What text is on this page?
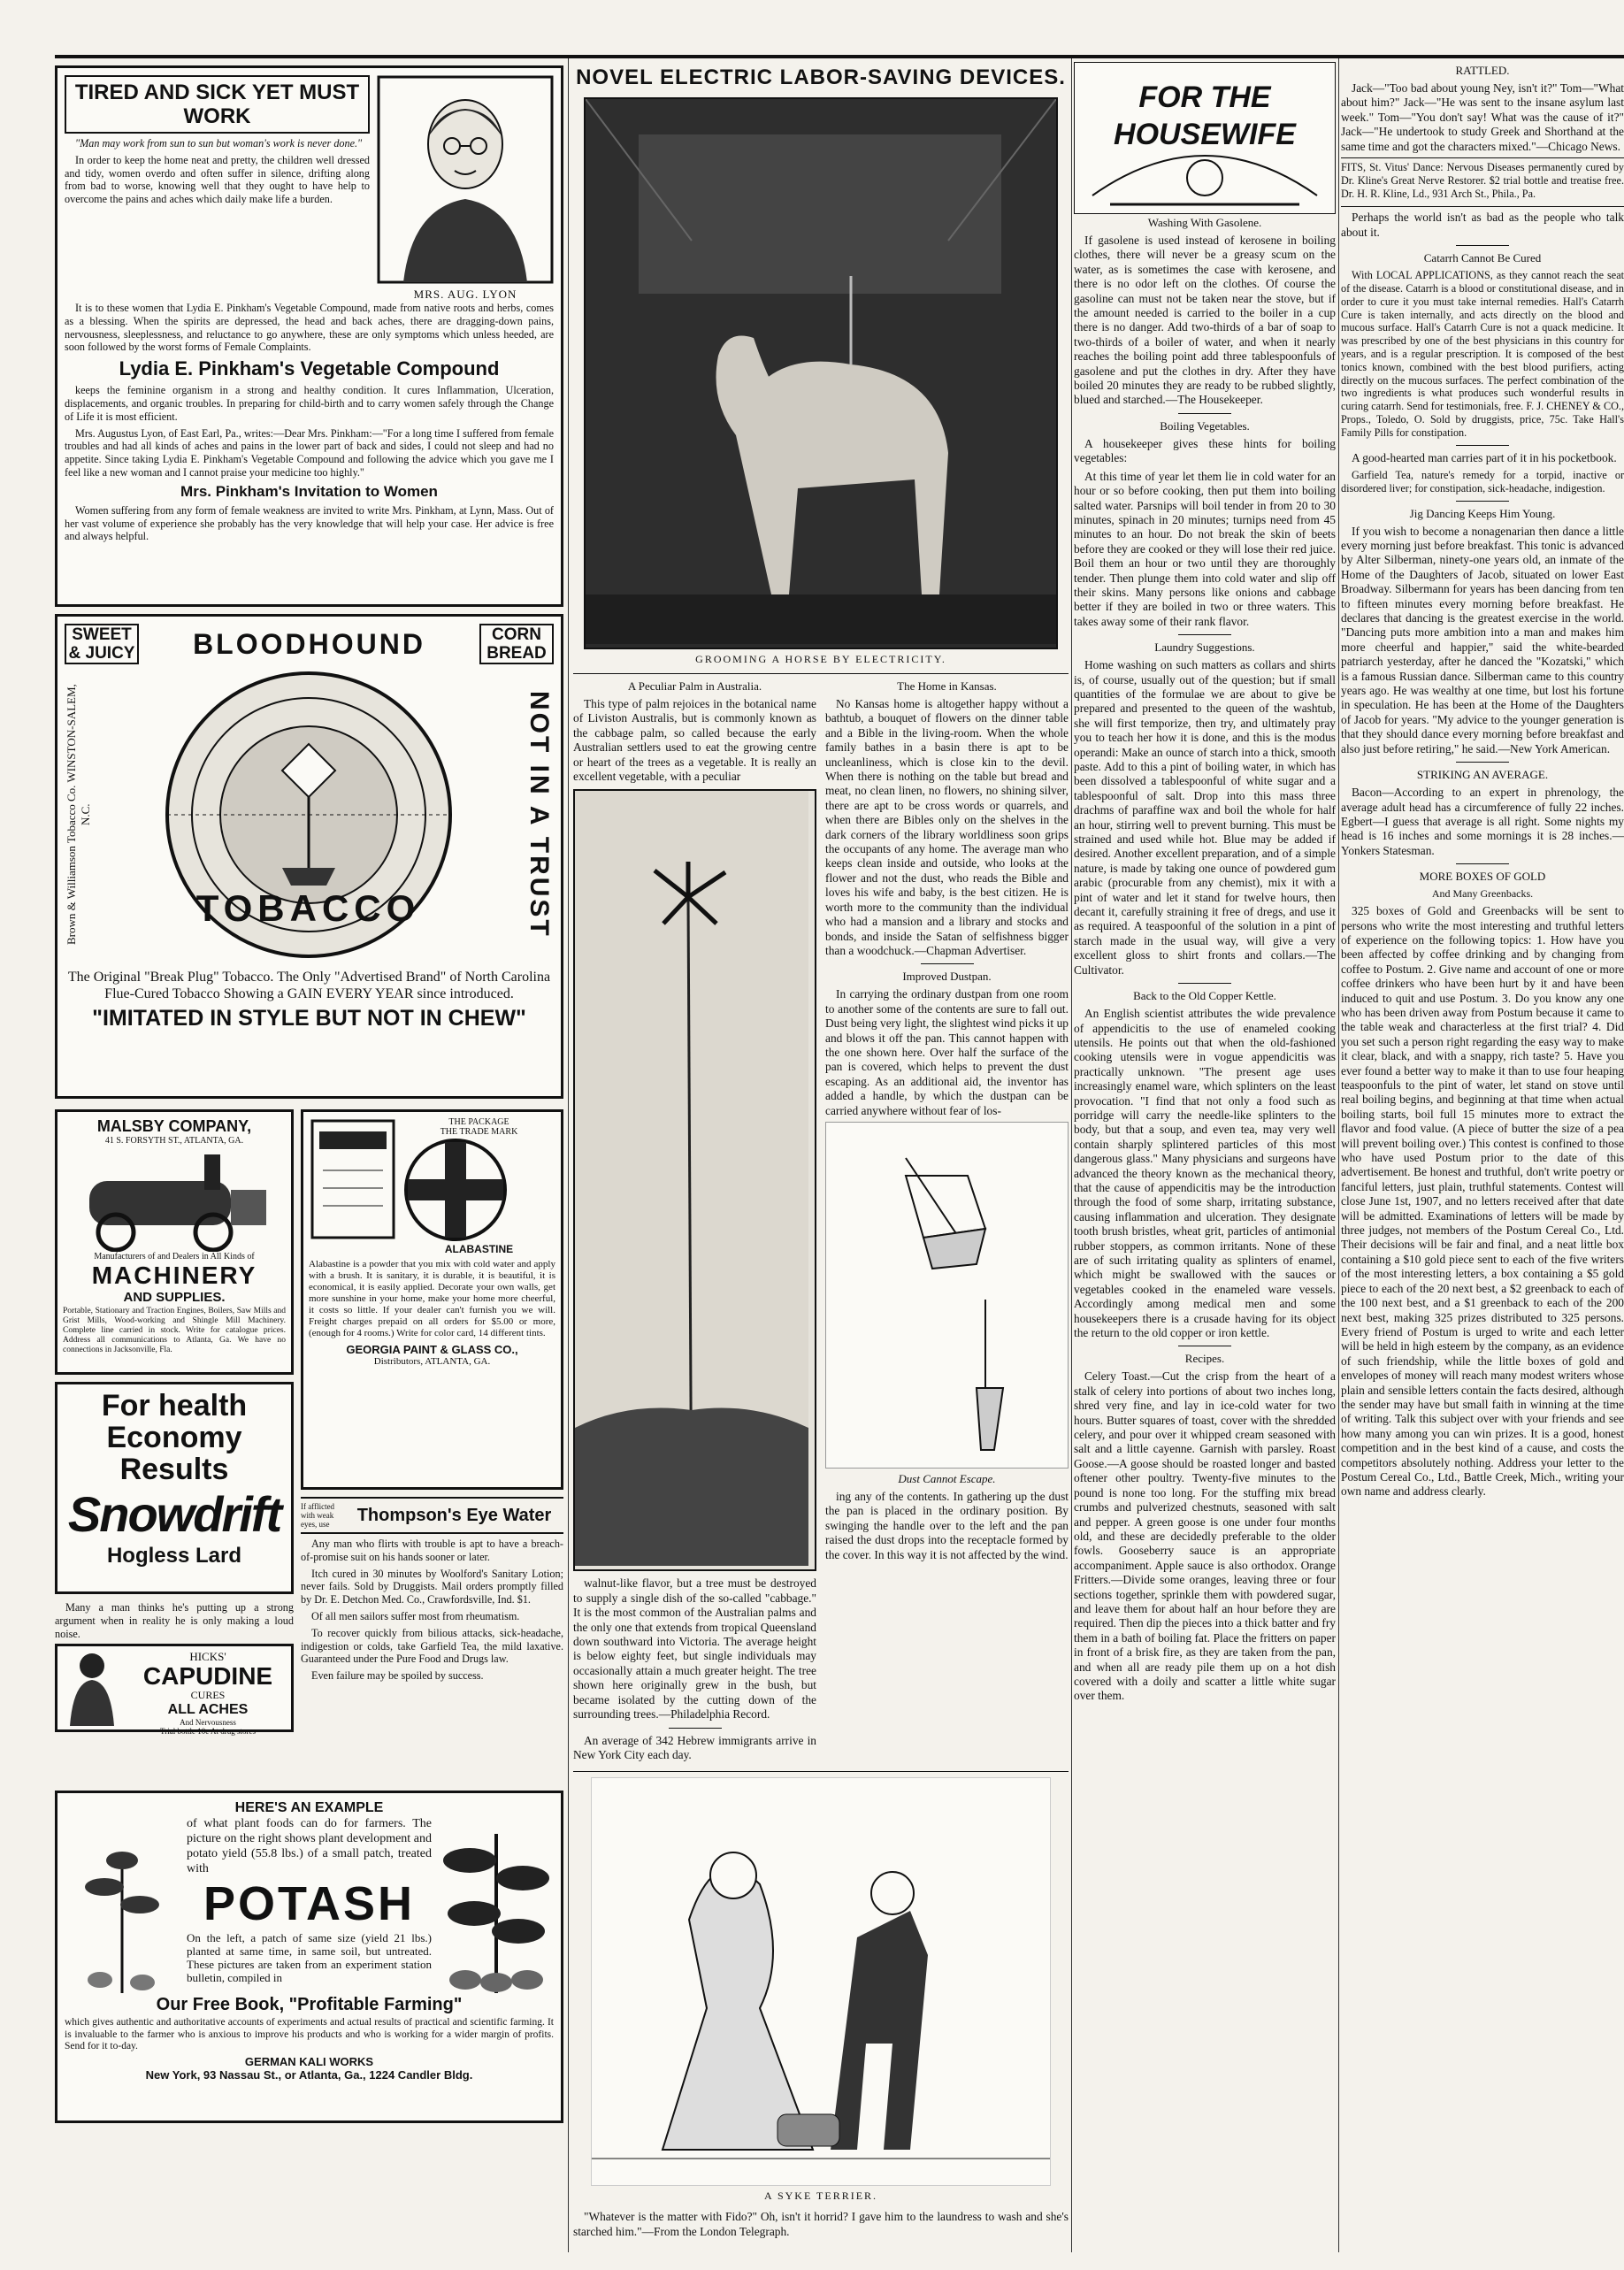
TIRED AND SICK YET MUST WORK

"Man may work from sun to sun but woman's work is never done."

In order to keep the home neat and pretty, the children well dressed and tidy, women overdo and often suffer in silence, drifting along from bad to worse, knowing well that they ought to have help to overcome the pains and aches which daily make life a burden.

MRS. AUG. LYON

It is to these women that Lydia E. Pinkham's Vegetable Compound, made from native roots and herbs, comes as a blessing. When the spirits are depressed, the head and back aches, there are dragging-down pains, nervousness, sleeplessness, and reluctance to go anywhere, these are only symptoms which unless heeded, are soon followed by the worst forms of Female Complaints.

Lydia E. Pinkham's Vegetable Compound

keeps the feminine organism in a strong and healthy condition. It cures Inflammation, Ulceration, displacements, and organic troubles. In preparing for child-birth and to carry women safely through the Change of Life it is most efficient.

Mrs. Augustus Lyon, of East Earl, Pa., writes:—Dear Mrs. Pinkham:—"For a long time I suffered from female troubles and had all kinds of aches and pains in the lower part of back and sides, I could not sleep and had no appetite. Since taking Lydia E. Pinkham's Vegetable Compound and following the advice which you gave me I feel like a new woman and I cannot praise your medicine too highly."

Mrs. Pinkham's Invitation to Women

Women suffering from any form of female weakness are invited to write Mrs. Pinkham, at Lynn, Mass. Out of her vast volume of experience she probably has the very knowledge that will help your case. Her advice is free and always helpful.

SWEET & JUICY BLOODHOUND	CORN BREAD
Brown & Williamson Tobacco Co. WINSTON-SALEM, N.C.
TOBACCO	NOT IN A TRUST

The Original "Break Plug" Tobacco. The Only "Advertised Brand" of North Carolina Flue-Cured Tobacco Showing a GAIN EVERY YEAR since introduced.

"IMITATED IN STYLE BUT NOT IN CHEW"
MALSBY COMPANY,
41 S. FORSYTH ST., ATLANTA, GA.
Manufacturers of and Dealers in All Kinds of
MACHINERY
AND SUPPLIES.

Portable, Stationary and Traction Engines, Boilers, Saw Mills and Grist Mills, Wood-working and Shingle Mill Machinery. Complete line carried in stock. Write for catalogue prices. Address all communications to Atlanta, Ga. We have no connections in Jacksonville, Fla.

For health
Economy
Results
Snowdrift
Hogless Lard

Many a man thinks he's putting up a strong argument when in reality he is only making a loud noise.

HICKS'
CAPUDINE
CURES
ALL ACHES
And Nervousness
Trial bottle 10c At drug stores
THE PACKAGE
THE TRADE MARK
ALABASTINE

Alabastine is a powder that you mix with cold water and apply with a brush. It is sanitary, it is durable, it is beautiful, it is economical, it is easily applied. Decorate your own walls, get more sunshine in your home, make your home more cheerful, it costs so little. If your dealer can't furnish you we will. Freight charges prepaid on all orders for $5.00 or more, (enough for 4 rooms.) Write for color card, 14 different tints.

GEORGIA PAINT & GLASS CO.,
Distributors, ATLANTA, GA.
If afflicted with weak eyes, use	Thompson's Eye Water

Any man who flirts with trouble is apt to have a breach-of-promise suit on his hands sooner or later.

Itch cured in 30 minutes by Woolford's Sanitary Lotion; never fails. Sold by Druggists. Mail orders promptly filled by Dr. E. Detchon Med. Co., Crawfordsville, Ind. $1.

Of all men sailors suffer most from rheumatism.

To recover quickly from bilious attacks, sick-headache, indigestion or colds, take Garfield Tea, the mild laxative. Guaranteed under the Pure Food and Drugs law.

Even failure may be spoiled by success.

HERE'S AN EXAMPLE

of what plant foods can do for farmers. The picture on the right shows plant development and potato yield (55.8 lbs.) of a small patch, treated with

POTASH

On the left, a patch of same size (yield 21 lbs.) planted at same time, in same soil, but untreated. These pictures are taken from an experiment station bulletin, compiled in

Our Free Book, "Profitable Farming"

which gives authentic and authoritative accounts of experiments and actual results of practical and scientific farming. It is invaluable to the farmer who is anxious to improve his products and who is working for a wider margin of profits. Send for it to-day.

GERMAN KALI WORKS
New York, 93 Nassau St., or Atlanta, Ga., 1224 Candler Bldg.
NOVEL ELECTRIC LABOR-SAVING DEVICES.
GROOMING A HORSE BY ELECTRICITY.
A Peculiar Palm in Australia.

This type of palm rejoices in the botanical name of Liviston Australis, but is commonly known as the cabbage palm, so called because the early Australian settlers used to eat the growing centre or heart of the trees as a vegetable. It is really an excellent vegetable, with a peculiar

walnut-like flavor, but a tree must be destroyed to supply a single dish of the so-called "cabbage." It is the most common of the Australian palms and the only one that extends from tropical Queensland down southward into Victoria. The average height is below eighty feet, but single individuals may occasionally attain a much greater height. The tree shown here originally grew in the bush, but became isolated by the cutting down of the surrounding trees.—Philadelphia Record.

An average of 342 Hebrew immigrants arrive in New York City each day.

The Home in Kansas.

No Kansas home is altogether happy without a bathtub, a bouquet of flowers on the dinner table and a Bible in the living-room. When the whole family bathes in a basin there is apt to be uncleanliness, which is close kin to the devil. When there is nothing on the table but bread and meat, no clean linen, no flowers, no shining silver, there are apt to be cross words or quarrels, and when there are Bibles only on the shelves in the dark corners of the library worldliness soon grips the occupants of any home. The average man who keeps clean inside and outside, who looks at the flower and not the dust, who reads the Bible and loves his wife and baby, is the best citizen. He is worth more to the community than the individual who had a mansion and a library and stocks and bonds, and inside the Satan of selfishness bigger than a woodchuck.—Chapman Advertiser.

Improved Dustpan.

In carrying the ordinary dustpan from one room to another some of the contents are sure to fall out. Dust being very light, the slightest wind picks it up and blows it off the pan. This cannot happen with the one shown here. Over half the surface of the pan is covered, which helps to prevent the dust escaping. As an additional aid, the inventor has added a handle, by which the dustpan can be carried anywhere without fear of los-

Dust Cannot Escape.

ing any of the contents. In gathering up the dust the pan is placed in the ordinary position. By swinging the handle over to the left and the pan raised the dust drops into the receptacle formed by the cover. In this way it is not affected by the wind.

A SYKE TERRIER.

"Whatever is the matter with Fido?" Oh, isn't it horrid? I gave him to the laundress to wash and she's starched him."—From the London Telegraph.

FOR THE HOUSEWIFE
Washing With Gasolene.

If gasolene is used instead of kerosene in boiling clothes, there will never be a greasy scum on the water, as is sometimes the case with kerosene, and there is no odor left on the clothes. Of course the gasoline can must not be taken near the stove, but if the amount needed is carried to the boiler in a cup there is no danger. Add two-thirds of a bar of soap to two-thirds of a boiler of water, and when it nearly reaches the boiling point add three tablespoonfuls of gasolene and put the clothes in dry. After they have boiled 20 minutes they are ready to be rubbed slightly, blued and starched.—The Housekeeper.

Boiling Vegetables.

A housekeeper gives these hints for boiling vegetables:

At this time of year let them lie in cold water for an hour or so before cooking, then put them into boiling salted water. Parsnips will boil tender in from 20 to 30 minutes, spinach in 20 minutes; turnips need from 45 minutes to an hour. Do not break the skin of beets before they are cooked or they will lose their red juice. Boil them an hour or two until they are thoroughly tender. Then plunge them into cold water and slip off their skins. Many persons like onions and cabbage better if they are boiled in two or three waters. This takes away some of their rank flavor.

Laundry Suggestions.

Home washing on such matters as collars and shirts is, of course, usually out of the question; but if small quantities of the formulae we are about to give be prepared and presented to the queen of the washtub, she will first temporize, then try, and ultimately pray you to teach her how it is done, and this is the modus operandi: Make an ounce of starch into a thick, smooth paste. Add to this a pint of boiling water, in which has been dissolved a tablespoonful of white sugar and a tablespoonful of salt. Drop into this mass three drachms of paraffine wax and boil the whole for half an hour, stirring well to prevent burning. This must be strained and used while hot. Blue may be added if desired. Another excellent preparation, and of a simple nature, is made by taking one ounce of powdered gum arabic (procurable from any chemist), mix it with a pint of water and let it stand for twelve hours, then decant it, carefully straining it free of dregs, and use it as required. A teaspoonful of the solution in a pint of starch made in the usual way, will give a very excellent gloss to shirt fronts and collars.—The Cultivator.

Back to the Old Copper Kettle.

An English scientist attributes the wide prevalence of appendicitis to the use of enameled cooking utensils. He points out that when the old-fashioned cooking utensils were in vogue appendicitis was practically unknown. "The present age uses increasingly enamel ware, which splinters on the least provocation. "I find that not only a food such as porridge will carry the needle-like splinters to the body, but that a soup, and even tea, may very well contain sharply splintered particles of this most dangerous glass." Many physicians and surgeons have advanced the theory known as the mechanical theory, that the cause of appendicitis may be the introduction through the food of some sharp, irritating substance, causing inflammation and ulceration. They designate tooth brush bristles, wheat grit, particles of antimonial rubber stoppers, as common irritants. None of these are of such irritating quality as splinters of enamel, which might be swallowed with the sauces or vegetables cooked in the enameled ware vessels. Accordingly among medical men and some housekeepers there is a crusade having for its object the return to the old copper or iron kettle.

Recipes.

Celery Toast.—Cut the crisp from the heart of a stalk of celery into portions of about two inches long, shred very fine, and lay in ice-cold water for two hours. Butter squares of toast, cover with the shredded celery, and pour over it whipped cream seasoned with salt and a little cayenne. Garnish with parsley. Roast Goose.—A goose should be roasted longer and basted oftener other poultry. Twenty-five minutes to the pound is none too long. For the stuffing mix bread crumbs and pulverized chestnuts, seasoned with salt and pepper. A green goose is one under four months old, and these are decidedly preferable to the older fowls. Gooseberry sauce is an appropriate accompaniment. Apple sauce is also orthodox. Orange Fritters.—Divide some oranges, leaving three or four sections together, sprinkle them with powdered sugar, and leave them for about half an hour before they are required. Then dip the pieces into a thick batter and fry them in a bath of boiling fat. Place the fritters on paper in front of a brisk fire, as they are taken from the pan, and when all are ready pile them up on a hot dish covered with a doily and scatter a little white sugar over them.

RATTLED.

Jack—"Too bad about young Ney, isn't it?" Tom—"What about him?" Jack—"He was sent to the insane asylum last week." Tom—"You don't say! What was the cause of it?" Jack—"He undertook to study Greek and Shorthand at the same time and got the characters mixed."—Chicago News.

FITS, St. Vitus' Dance: Nervous Diseases permanently cured by Dr. Kline's Great Nerve Restorer. $2 trial bottle and treatise free. Dr. H. R. Kline, Ld., 931 Arch St., Phila., Pa.

Perhaps the world isn't as bad as the people who talk about it.

Catarrh Cannot Be Cured

With LOCAL APPLICATIONS, as they cannot reach the seat of the disease. Catarrh is a blood or constitutional disease, and in order to cure it you must take internal remedies. Hall's Catarrh Cure is taken internally, and acts directly on the blood and mucous surface. Hall's Catarrh Cure is not a quack medicine. It was prescribed by one of the best physicians in this country for years, and is a regular prescription. It is composed of the best tonics known, combined with the best blood purifiers, acting directly on the mucous surfaces. The perfect combination of the two ingredients is what produces such wonderful results in curing catarrh. Send for testimonials, free. F. J. CHENEY & CO., Props., Toledo, O. Sold by druggists, price, 75c. Take Hall's Family Pills for constipation.

A good-hearted man carries part of it in his pocketbook.

Garfield Tea, nature's remedy for a torpid, inactive or disordered liver; for constipation, sick-headache, indigestion.

Jig Dancing Keeps Him Young.

If you wish to become a nonagenarian then dance a little every morning just before breakfast. This tonic is advanced by Alter Silberman, ninety-one years old, an inmate of the Home of the Daughters of Jacob, situated on lower East Broadway. Silbermann for years has been dancing from ten to fifteen minutes every morning before breakfast. He declares that dancing is the greatest exercise in the world. "Dancing puts more ambition into a man and makes him more cheerful and happier," said the white-bearded patriarch yesterday, after he danced the "Kozatski," which is a famous Russian dance. Silberman came to this country years ago. He was wealthy at one time, but lost his fortune in speculation. He has been at the Home of the Daughters of Jacob for years. "My advice to the younger generation is that they should dance every morning before breakfast and also just before retiring," he said.—New York American.

STRIKING AN AVERAGE.

Bacon—According to an expert in phrenology, the average adult head has a circumference of fully 22 inches. Egbert—I guess that average is all right. Some nights my head is 16 inches and some mornings it is 28 inches.—Yonkers Statesman.

MORE BOXES OF GOLD
And Many Greenbacks.

325 boxes of Gold and Greenbacks will be sent to persons who write the most interesting and truthful letters of experience on the following topics: 1. How have you been affected by coffee drinking and by changing from coffee to Postum. 2. Give name and account of one or more coffee drinkers who have been hurt by it and have been induced to quit and use Postum. 3. Do you know any one who has been driven away from Postum because it came to the table weak and characterless at the first trial? 4. Did you set such a person right regarding the easy way to make it clear, black, and with a snappy, rich taste? 5. Have you ever found a better way to make it than to use four heaping teaspoonfuls to the pint of water, let stand on stove until real boiling begins, and beginning at that time when actual boiling starts, boil full 15 minutes more to extract the flavor and food value. (A piece of butter the size of a pea will prevent boiling over.) This contest is confined to those who have used Postum prior to the date of this advertisement. Be honest and truthful, don't write poetry or fanciful letters, just plain, truthful statements. Contest will close June 1st, 1907, and no letters received after that date will be admitted. Examinations of letters will be made by three judges, not members of the Postum Cereal Co., Ltd. Their decisions will be fair and final, and a neat little box containing a $10 gold piece sent to each of the five writers of the most interesting letters, a box containing a $5 gold piece to each of the 20 next best, a $2 greenback to each of the 100 next best, and a $1 greenback to each of the 200 next best, making 325 prizes distributed to 325 persons. Every friend of Postum is urged to write and each letter will be held in high esteem by the company, as an evidence of such friendship, while the little boxes of gold and envelopes of money will reach many modest writers whose plain and sensible letters contain the facts desired, although the sender may have but small faith in winning at the time of writing. Talk this subject over with your friends and see how many among you can win prizes. It is a good, honest competition and in the best kind of a cause, and costs the competitors absolutely nothing. Address your letter to the Postum Cereal Co., Ltd., Battle Creek, Mich., writing your own name and address clearly.
